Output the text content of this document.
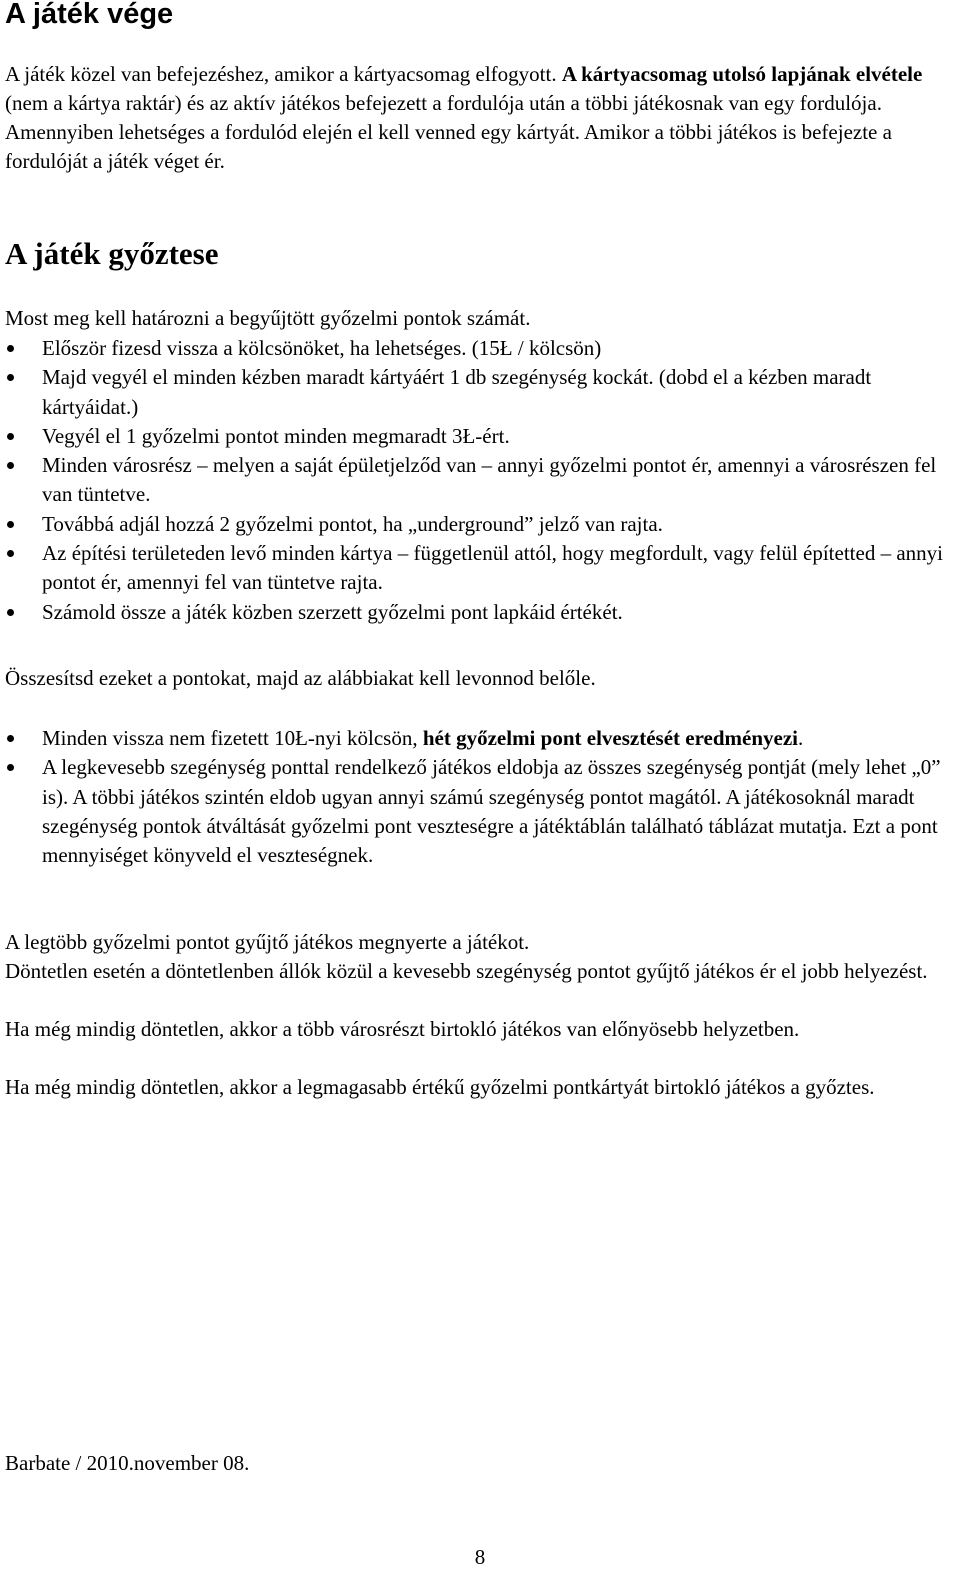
A játék vége

A játék közel van befejezéshez, amikor a kártyacsomag elfogyott. A kártyacsomag utolsó lapjának elvétele (nem a kártya raktár) és az aktív játékos befejezett a fordulója után a többi játékosnak van egy fordulója. Amennyiben lehetséges a fordulód elején el kell venned egy kártyát. Amikor a többi játékos is befejezte a fordulóját a játék véget ér.

A játék győztese

Most meg kell határozni a begyűjtött győzelmi pontok számát.

Először fizesd vissza a kölcsönöket, ha lehetséges. (15Ł / kölcsön)
Majd vegyél el minden kézben maradt kártyáért 1 db szegénység kockát. (dobd el a kézben maradt kártyáidat.)
Vegyél el 1 győzelmi pontot minden megmaradt 3Ł-ért.
Minden városrész – melyen a saját épületjelződ van – annyi győzelmi pontot ér, amennyi a városrészen fel van tüntetve.
Továbbá adjál hozzá 2 győzelmi pontot, ha „underground” jelző van rajta.
Az építési területeden levő minden kártya – függetlenül attól, hogy megfordult, vagy felül építetted – annyi pontot ér, amennyi fel van tüntetve rajta.
Számold össze a játék közben szerzett győzelmi pont lapkáid értékét.

Összesítsd ezeket a pontokat, majd az alábbiakat kell levonnod belőle.

Minden vissza nem fizetett 10Ł-nyi kölcsön, hét győzelmi pont elvesztését eredményezi.
A legkevesebb szegénység ponttal rendelkező játékos eldobja az összes szegénység pontját (mely lehet „0” is). A többi játékos szintén eldob ugyan annyi számú szegénység pontot magától. A játékosoknál maradt szegénység pontok átváltását győzelmi pont veszteségre a játéktáblán található táblázat mutatja. Ezt a pont mennyiséget könyveld el veszteségnek.

A legtöbb győzelmi pontot gyűjtő játékos megnyerte a játékot.

Döntetlen esetén a döntetlenben állók közül a kevesebb szegénység pontot gyűjtő játékos ér el jobb helyezést.

Ha még mindig döntetlen, akkor a több városrészt birtokló játékos van előnyösebb helyzetben.

Ha még mindig döntetlen, akkor a legmagasabb értékű győzelmi pontkártyát birtokló játékos a győztes.

Barbate / 2010.november 08.

8
